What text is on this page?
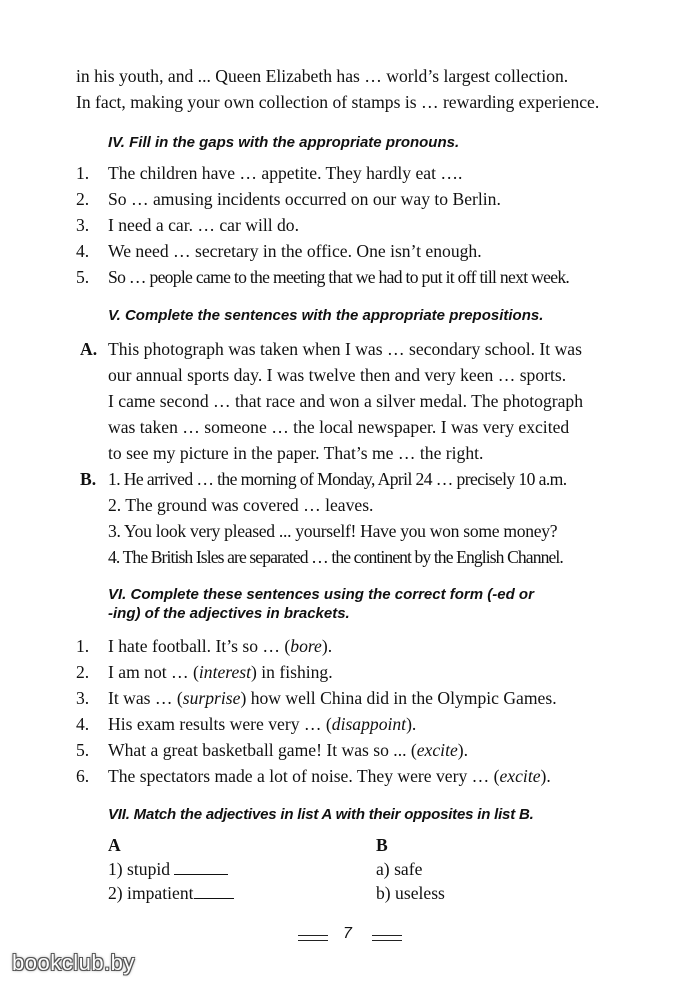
in his youth, and ... Queen Elizabeth has … world’s largest collection.
In fact, making your own collection of stamps is … rewarding experience.
IV. Fill in the gaps with the appropriate pronouns.
1. The children have … appetite. They hardly eat ….
2. So … amusing incidents occurred on our way to Berlin.
3. I need a car. … car will do.
4. We need … secretary in the office. One isn’t enough.
5. So … people came to the meeting that we had to put it off till next week.
V. Complete the sentences with the appropriate prepositions.
A. This photograph was taken when I was … secondary school. It was
our annual sports day. I was twelve then and very keen … sports.
I came second … that race and won a silver medal. The photograph
was taken … someone … the local newspaper. I was very excited
to see my picture in the paper. That’s me … the right.
B. 1. He arrived … the morning of Monday, April 24 … precisely 10 a.m.
2. The ground was covered … leaves.
3. You look very pleased ... yourself! Have you won some money?
4. The British Isles are separated … the continent by the English Channel.
VI. Complete these sentences using the correct form (-ed or
-ing) of the adjectives in brackets.
1. I hate football. It’s so … (bore).
2. I am not … (interest) in fishing.
3. It was … (surprise) how well China did in the Olympic Games.
4. His exam results were very … (disappoint).
5. What a great basketball game! It was so ... (excite).
6. The spectators made a lot of noise. They were very … (excite).
VII. Match the adjectives in list A with their opposites in list B.
A	B
1) stupid
2) impatient
a) safe
b) useless
7
bookclub.by
